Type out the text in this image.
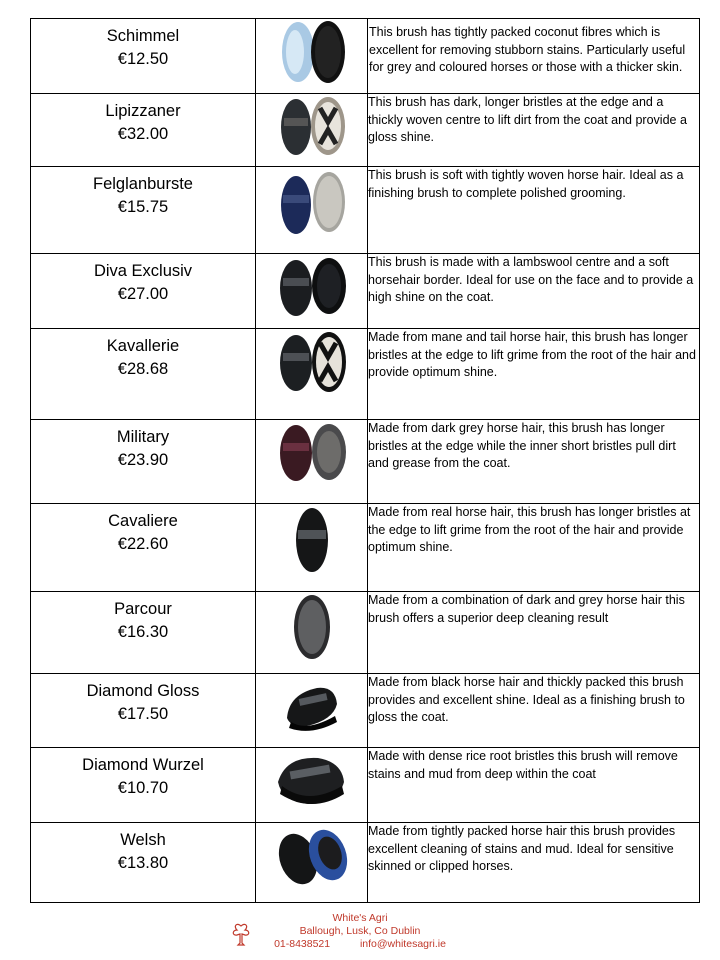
Schimmel
€12.50		This brush has tightly packed coconut fibres which is excellent for removing stubborn stains. Particularly useful for grey and coloured horses or those with a thicker skin.

Lipizzaner
€32.00		This brush has dark, longer bristles at the edge and a thickly woven centre to lift dirt from the coat and provide a gloss shine.

Felglanburste
€15.75		This brush is soft with tightly woven horse hair. Ideal as a finishing brush to complete polished grooming.

Diva Exclusiv
€27.00		This brush is made with a lambswool centre and a soft horsehair border. Ideal for use on the face and to provide a high shine on the coat.

Kavallerie
€28.68		Made from mane and tail horse hair, this brush has longer bristles at the edge to lift grime from the root of the hair and provide optimum shine.

Military
€23.90		Made from dark grey horse hair, this brush has longer bristles at the edge while the inner short bristles pull dirt and grease from the coat.

Cavaliere
€22.60		Made from real horse hair, this brush has longer bristles at the edge to lift grime from the root of the hair and provide optimum shine.

Parcour
€16.30		Made from a combination of dark and grey horse hair this brush offers a superior deep cleaning result

Diamond Gloss
€17.50		Made from black horse hair and thickly packed this brush provides and excellent shine. Ideal as a finishing brush to gloss the coat.

Diamond Wurzel
€10.70		Made with dense rice root bristles this brush will remove stains and mud from deep within the coat

Welsh
€13.80		Made from tightly packed horse hair this brush provides excellent cleaning of stains and mud. Ideal for sensitive skinned or clipped horses.
White's Agri
Ballough, Lusk, Co Dublin
01-8438521	info@whitesagri.ie
